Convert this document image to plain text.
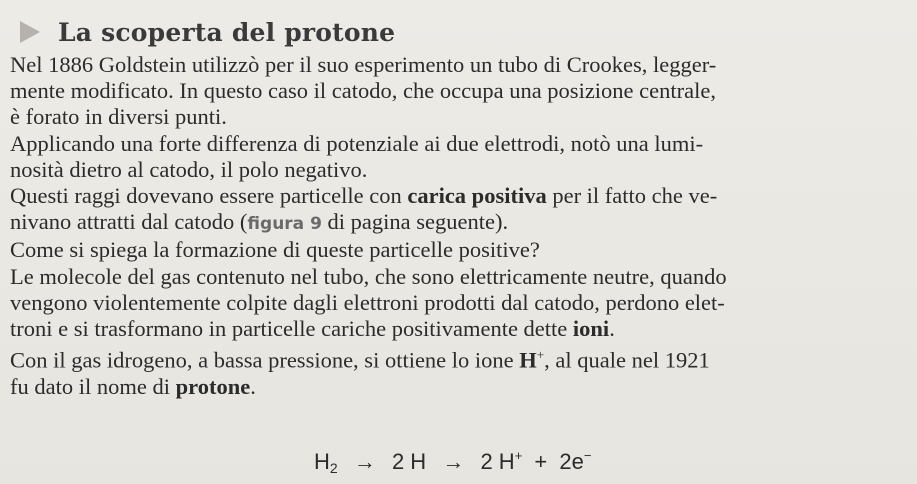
La scoperta del protone
Nel 1886 Goldstein utilizzò per il suo esperimento un tubo di Crookes, legger-
mente modificato. In questo caso il catodo, che occupa una posizione centrale,
è forato in diversi punti.
Applicando una forte differenza di potenziale ai due elettrodi, notò una lumi-
nosità dietro al catodo, il polo negativo.
Questi raggi dovevano essere particelle con carica positiva per il fatto che ve-
nivano attratti dal catodo (figura 9 di pagina seguente).
Come si spiega la formazione di queste particelle positive?
Le molecole del gas contenuto nel tubo, che sono elettricamente neutre, quando
vengono violentemente colpite dagli elettroni prodotti dal catodo, perdono elet-
troni e si trasformano in particelle cariche positivamente dette ioni.
Con il gas idrogeno, a bassa pressione, si ottiene lo ione H+, al quale nel 1921
fu dato il nome di protone.
$H_2 \to 2$ H → 2 H+ + 2e−
